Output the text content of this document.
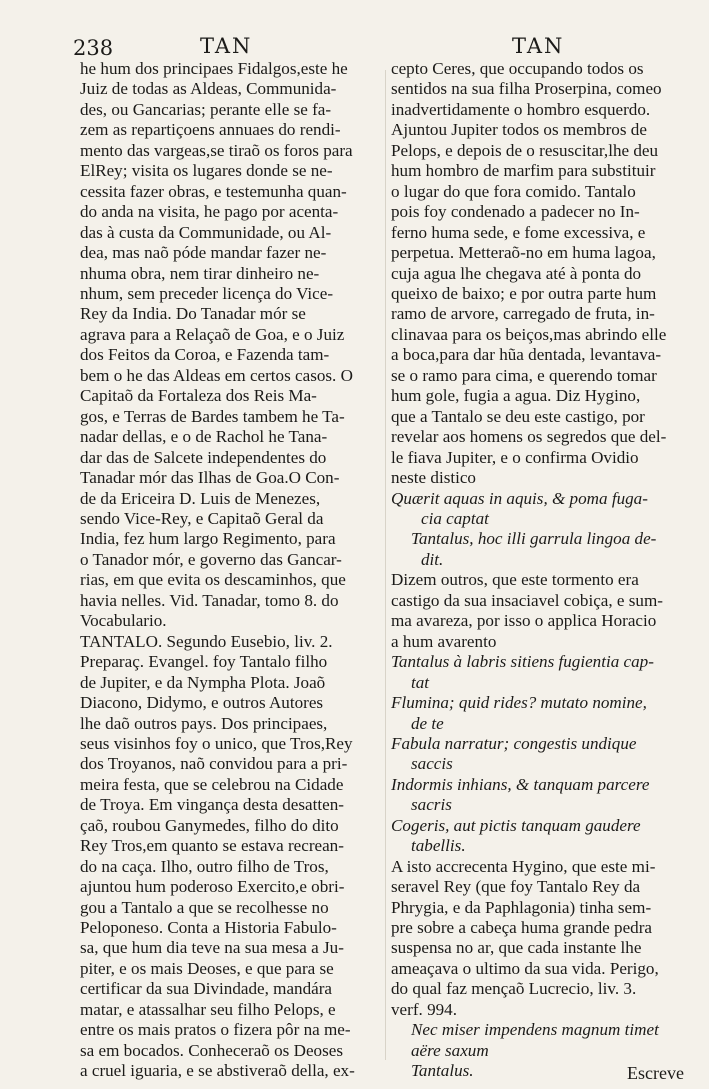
238	TAN	TAN
he hum dos principaes Fidalgos,este he
Juiz de todas as Aldeas, Communida-
des, ou Gancarias; perante elle se fa-
zem as repartiçoens annuaes do rendi-
mento das vargeas,se tiraõ os foros para
ElRey; visita os lugares donde se ne-
cessita fazer obras, e testemunha quan-
do anda na visita, he pago por acenta-
das à custa da Communidade, ou Al-
dea, mas naõ póde mandar fazer ne-
nhuma obra, nem tirar dinheiro ne-
nhum, sem preceder licença do Vice-
Rey da India. Do Tanadar mór se
agrava para a Relaçaõ de Goa, e o Juiz
dos Feitos da Coroa, e Fazenda tam-
bem o he das Aldeas em certos casos. O
Capitaõ da Fortaleza dos Reis Ma-
gos, e Terras de Bardes tambem he Ta-
nadar dellas, e o de Rachol he Tana-
dar das de Salcete independentes do
Tanadar mór das Ilhas de Goa.O Con-
de da Ericeira D. Luis de Menezes,
sendo Vice-Rey, e Capitaõ Geral da
India, fez hum largo Regimento, para
o Tanador mór, e governo das Gancar-
rias, em que evita os descaminhos, que
havia nelles. Vid. Tanadar, tomo 8. do
Vocabulario.
TANTALO. Segundo Eusebio, liv. 2.
Preparaç. Evangel. foy Tantalo filho
de Jupiter, e da Nympha Plota. Joaõ
Diacono, Didymo, e outros Autores
lhe daõ outros pays. Dos principaes,
seus visinhos foy o unico, que Tros,Rey
dos Troyanos, naõ convidou para a pri-
meira festa, que se celebrou na Cidade
de Troya. Em vingança desta desatten-
çaõ, roubou Ganymedes, filho do dito
Rey Tros,em quanto se estava recrean-
do na caça. Ilho, outro filho de Tros,
ajuntou hum poderoso Exercito,e obri-
gou a Tantalo a que se recolhesse no
Peloponeso. Conta a Historia Fabulo-
sa, que hum dia teve na sua mesa a Ju-
piter, e os mais Deoses, e que para se
certificar da sua Divindade, mandára
matar, e atassalhar seu filho Pelops, e
entre os mais pratos o fizera pôr na me-
sa em bocados. Conheceraõ os Deoses
a cruel iguaria, e se abstiveraõ della, ex-
cepto Ceres, que occupando todos os
sentidos na sua filha Proserpina, comeo
inadvertidamente o hombro esquerdo.
Ajuntou Jupiter todos os membros de
Pelops, e depois de o resuscitar,lhe deu
hum hombro de marfim para substituir
o lugar do que fora comido. Tantalo
pois foy condenado a padecer no In-
ferno huma sede, e fome excessiva, e
perpetua. Metteraõ-no em huma lagoa,
cuja agua lhe chegava até à ponta do
queixo de baixo; e por outra parte hum
ramo de arvore, carregado de fruta, in-
clinavaa para os beiços,mas abrindo elle
a boca,para dar hũa dentada, levantava-
se o ramo para cima, e querendo tomar
hum gole, fugia a agua. Diz Hygino,
que a Tantalo se deu este castigo, por
revelar aos homens os segredos que del-
le fiava Jupiter, e o confirma Ovidio
neste distico
Quærit aquas in aquis, & poma fuga-
cia captat
Tantalus, hoc illi garrula lingoa de-
dit.
Dizem outros, que este tormento era
castigo da sua insaciavel cobiça, e sum-
ma avareza, por isso o applica Horacio
a hum avarento
Tantalus à labris sitiens fugientia cap-
tat
Flumina; quid rides? mutato nomine,
de te
Fabula narratur; congestis undique
saccis
Indormis inhians, & tanquam parcere
sacris
Cogeris, aut pictis tanquam gaudere
tabellis.
A isto accrecenta Hygino, que este mi-
seravel Rey (que foy Tantalo Rey da
Phrygia, e da Paphlagonia) tinha sem-
pre sobre a cabeça huma grande pedra
suspensa no ar, que cada instante lhe
ameaçava o ultimo da sua vida. Perigo,
do qual faz mençaõ Lucrecio, liv. 3.
verf. 994.
Nec miser impendens magnum timet
aëre saxum
Tantalus.	Escreve
